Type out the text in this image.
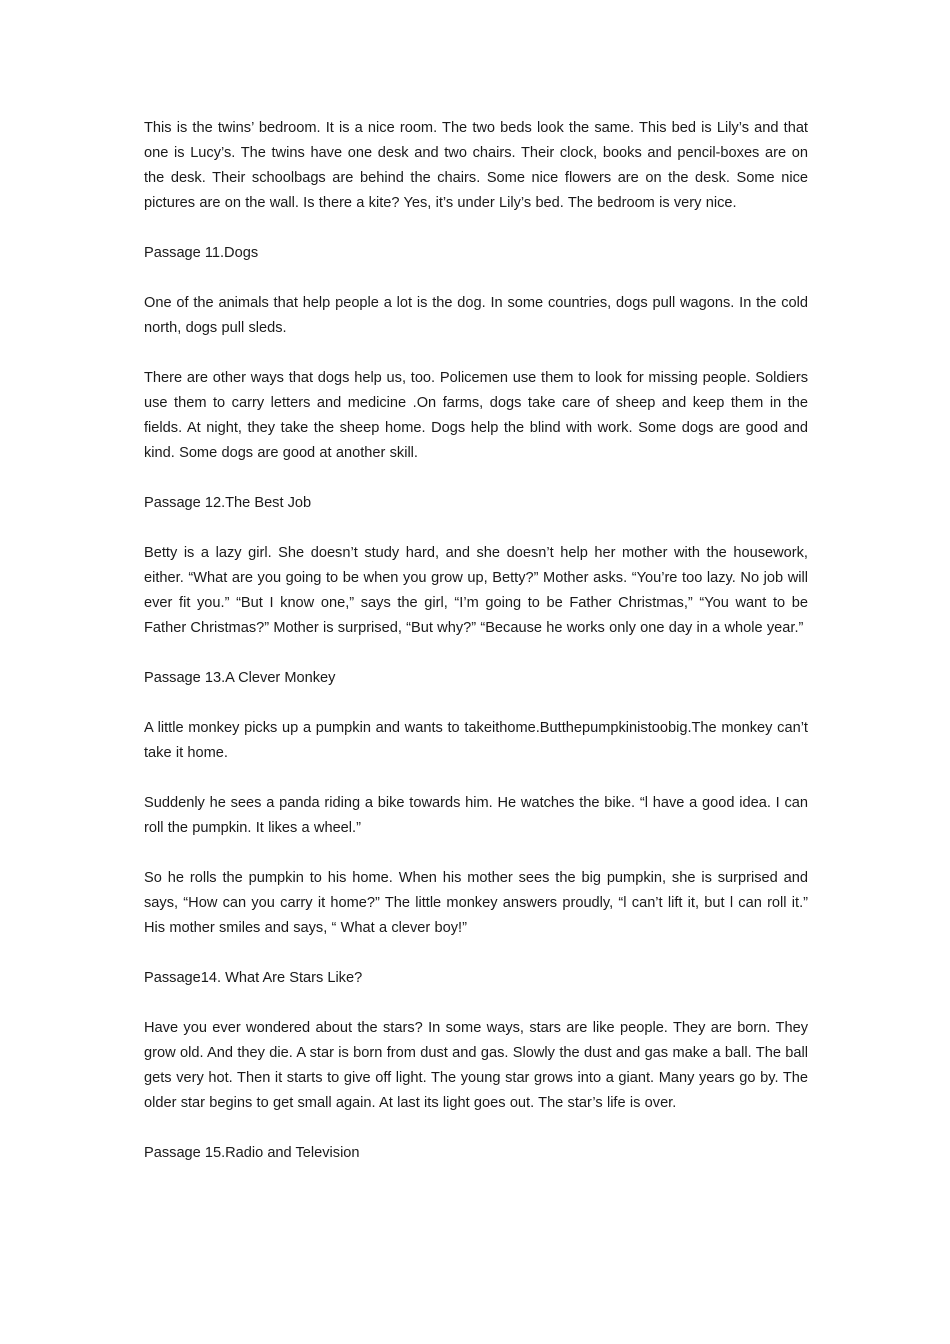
This is the twins’ bedroom. It is a nice room. The two beds look the same. This bed is Lily’s and that one is Lucy’s. The twins have one desk and two chairs. Their clock, books and pencil-boxes are on the desk. Their schoolbags are behind the chairs. Some nice flowers are on the desk. Some nice pictures are on the wall. Is there a kite? Yes, it’s under Lily’s bed. The bedroom is very nice.

Passage 11.Dogs

One of the animals that help people a lot is the dog. In some countries, dogs pull wagons. In the cold north, dogs pull sleds.

There are other ways that dogs help us, too. Policemen use them to look for missing people. Soldiers use them to carry letters and medicine .On farms, dogs take care of sheep and keep them in the fields. At night, they take the sheep home. Dogs help the blind with work. Some dogs are good and kind. Some dogs are good at another skill.

Passage 12.The Best Job

Betty is a lazy girl. She doesn’t study hard, and she doesn’t help her mother with the housework, either. “What are you going to be when you grow up, Betty?” Mother asks. “You’re too lazy. No job will ever fit you.” “But I know one,” says the girl, “I’m going to be Father Christmas,” “You want to be Father Christmas?” Mother is surprised, “But why?” “Because he works only one day in a whole year.”

Passage 13.A Clever Monkey

A little monkey picks up a pumpkin and wants to takeithome.Butthepumpkinistoobig.The monkey can’t take it home.

Suddenly he sees a panda riding a bike towards him. He watches the bike. “l have a good idea. I can roll the pumpkin. It likes a wheel.”

So he rolls the pumpkin to his home. When his mother sees the big pumpkin, she is surprised and says, “How can you carry it home?” The little monkey answers proudly, “l can’t lift it, but l can roll it.” His mother smiles and says, “ What a clever boy!”

Passage14. What Are Stars Like?

Have you ever wondered about the stars? In some ways, stars are like people. They are born. They grow old. And they die. A star is born from dust and gas. Slowly the dust and gas make a ball. The ball gets very hot. Then it starts to give off light. The young star grows into a giant. Many years go by. The older star begins to get small again. At last its light goes out. The star’s life is over.

Passage 15.Radio and Television
